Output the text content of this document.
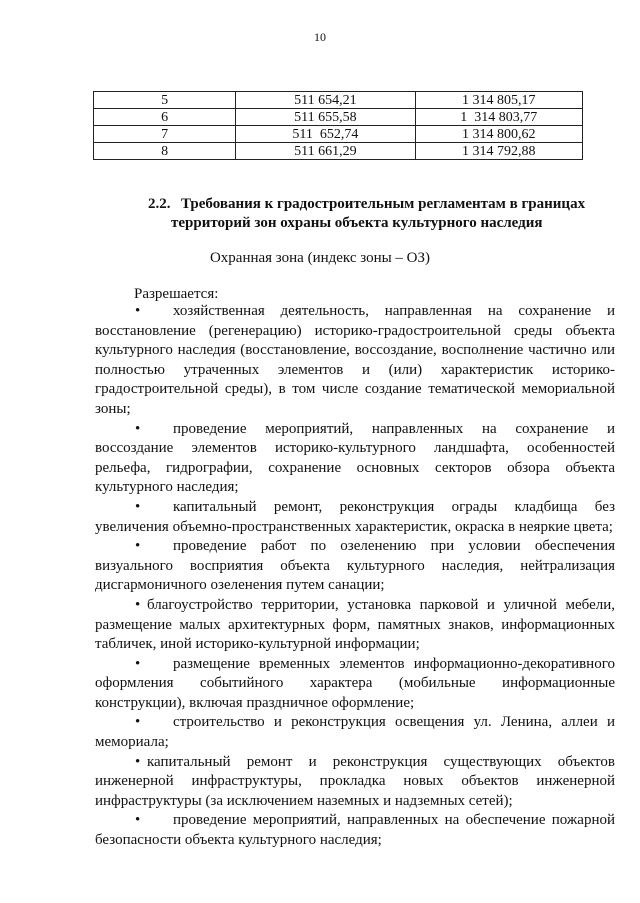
10
5	511 654,21	1 314 805,17
6	511 655,58	1  314 803,77
7	511  652,74	1 314 800,62
8	511 661,29	1 314 792,88
2.2. Требования к градостроительным регламентам в границах
территорий зон охраны объекта культурного наследия
Охранная зона (индекс зоны – ОЗ)
Разрешается:

• хозяйственная деятельность, направленная на сохранение и восстановление (регенерацию) историко-градостроительной среды объекта культурного наследия (восстановление, воссоздание, восполнение частично или полностью утраченных элементов и (или) характеристик историко-градостроительной среды), в том числе создание тематической мемориальной зоны;

• проведение мероприятий, направленных на сохранение и воссоздание элементов историко-культурного ландшафта, особенностей рельефа, гидрографии, сохранение основных секторов обзора объекта культурного наследия;

• капитальный ремонт, реконструкция ограды кладбища без увеличения объемно-пространственных характеристик, окраска в неяркие цвета;

• проведение работ по озеленению при условии обеспечения визуального восприятия объекта культурного наследия, нейтрализация дисгармоничного озеленения путем санации;

• благоустройство территории, установка парковой и уличной мебели, размещение малых архитектурных форм, памятных знаков, информационных табличек, иной историко-культурной информации;

• размещение временных элементов информационно-декоративного оформления событийного характера (мобильные информационные конструкции), включая праздничное оформление;

• строительство и реконструкция освещения ул. Ленина, аллеи и мемориала;

• капитальный ремонт и реконструкция существующих объектов инженерной инфраструктуры, прокладка новых объектов инженерной инфраструктуры (за исключением наземных и надземных сетей);

• проведение мероприятий, направленных на обеспечение пожарной безопасности объекта культурного наследия;
